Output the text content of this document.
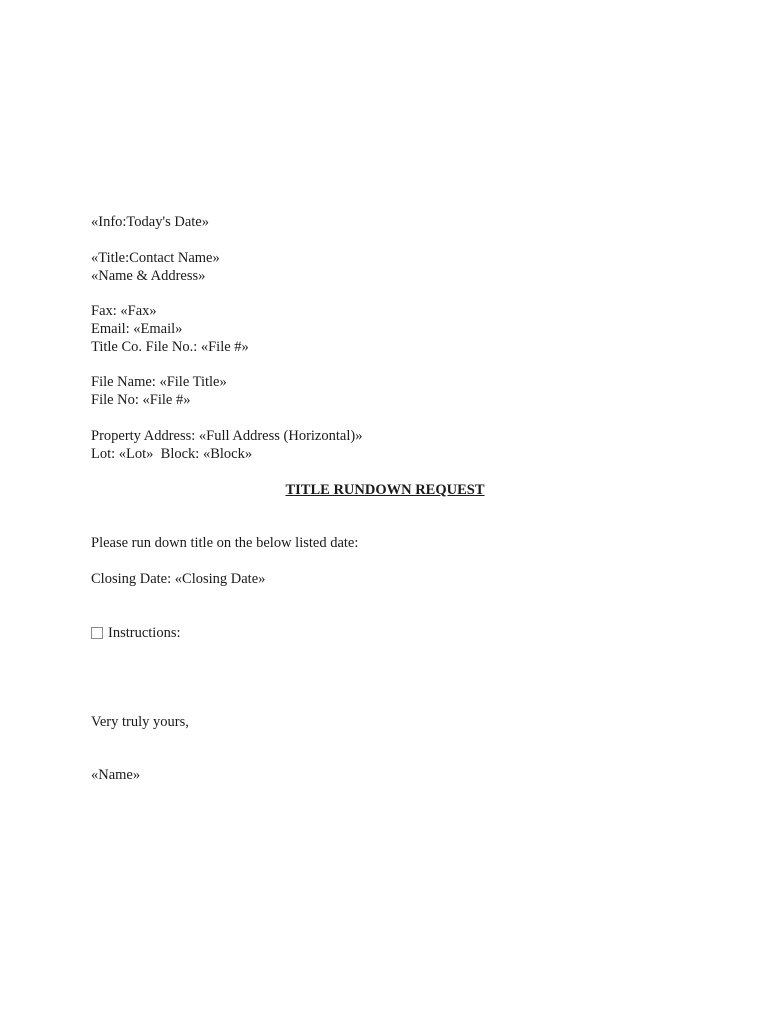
«Info:Today's Date»
«Title:Contact Name»
«Name & Address»
Fax: «Fax»
Email: «Email»
Title Co. File No.: «File #»
File Name: «File Title»
File No: «File #»
Property Address: «Full Address (Horizontal)»
Lot: «Lot»  Block: «Block»
TITLE RUNDOWN REQUEST
Please run down title on the below listed date:
Closing Date: «Closing Date»
Instructions:
Very truly yours,
«Name»
